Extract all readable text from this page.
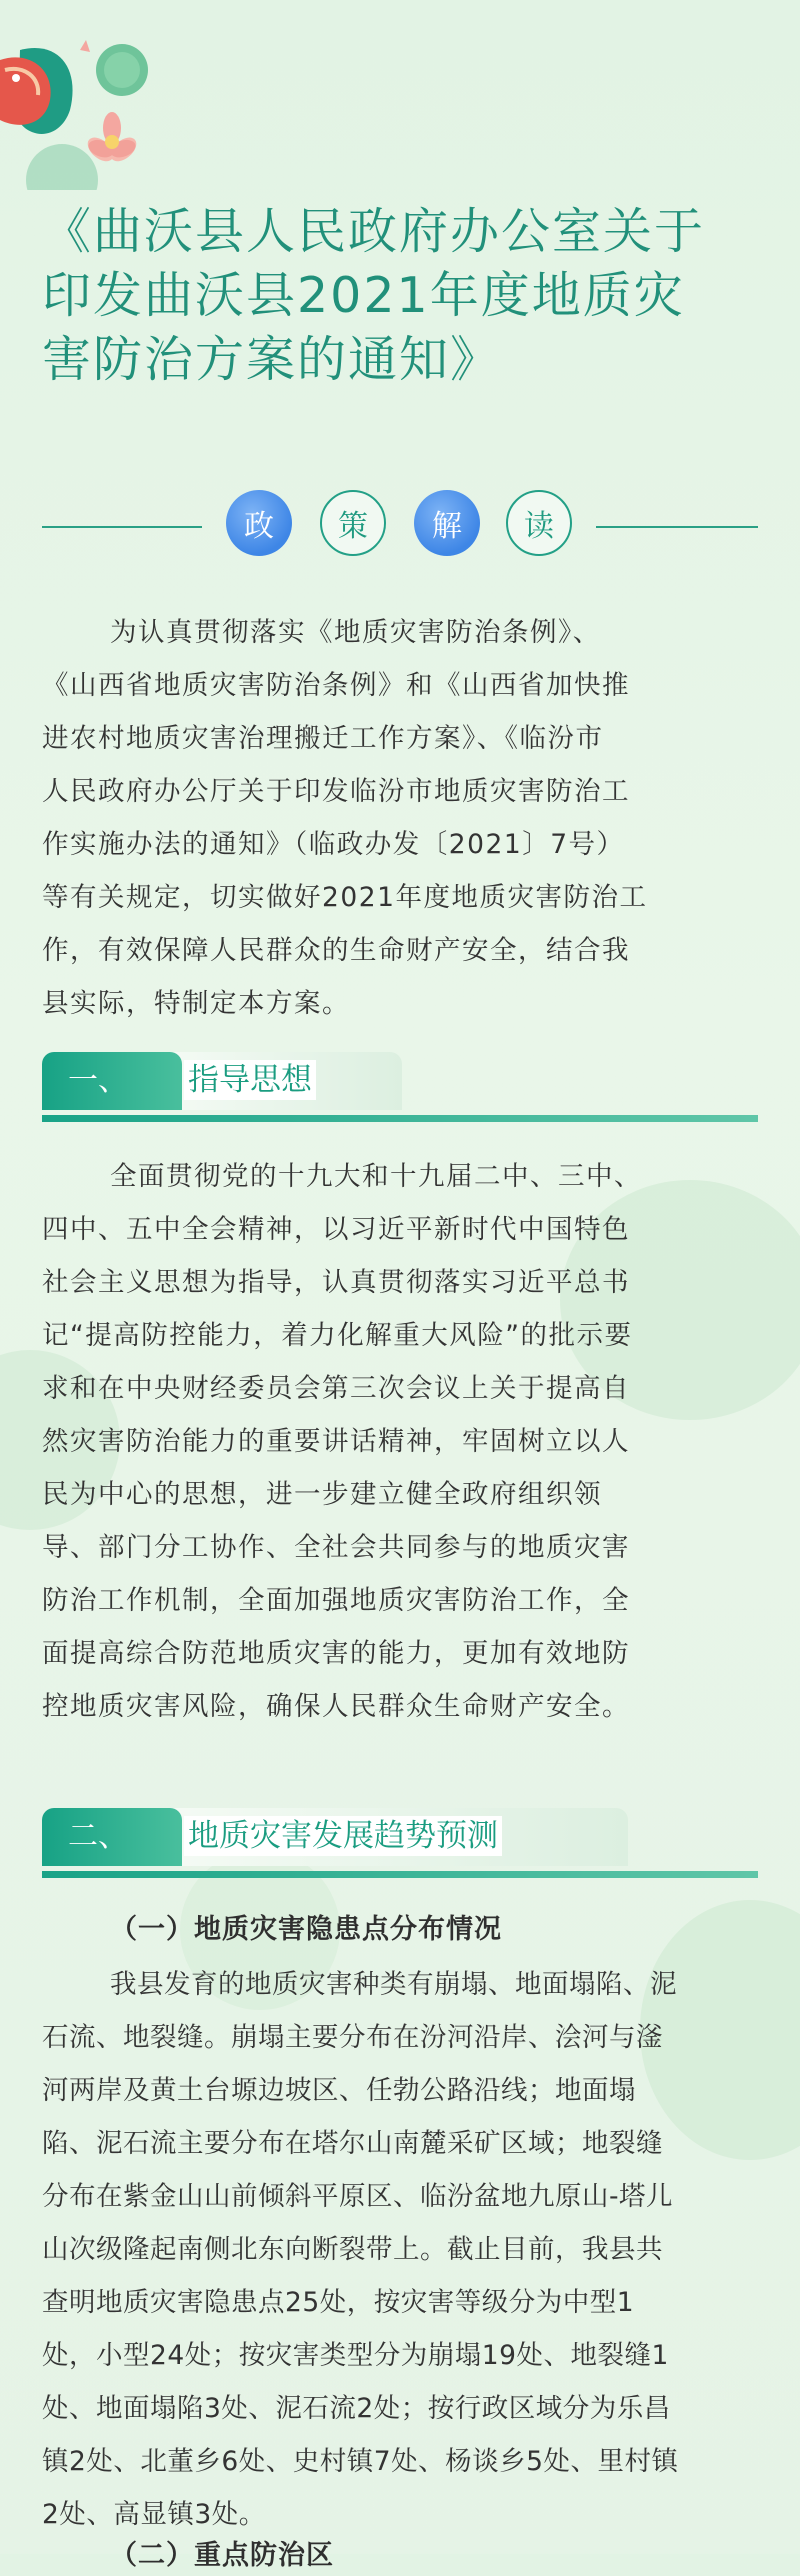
《曲沃县人民政府办公室关于
印发曲沃县2021年度地质灾
害防治方案的通知》
政	策	解	读
为认真贯彻落实《地质灾害防治条例》、
《山西省地质灾害防治条例》和《山西省加快推
进农村地质灾害治理搬迁工作方案》、《临汾市
人民政府办公厅关于印发临汾市地质灾害防治工
作实施办法的通知》（临政办发〔2021〕7号）
等有关规定，切实做好2021年度地质灾害防治工
作，有效保障人民群众的生命财产安全，结合我
县实际，特制定本方案。
指导思想
一、
全面贯彻党的十九大和十九届二中、三中、
四中、五中全会精神，以习近平新时代中国特色
社会主义思想为指导，认真贯彻落实习近平总书
记“提高防控能力，着力化解重大风险”的批示要
求和在中央财经委员会第三次会议上关于提高自
然灾害防治能力的重要讲话精神，牢固树立以人
民为中心的思想，进一步建立健全政府组织领
导、部门分工协作、全社会共同参与的地质灾害
防治工作机制，全面加强地质灾害防治工作，全
面提高综合防范地质灾害的能力，更加有效地防
控地质灾害风险，确保人民群众生命财产安全。
地质灾害发展趋势预测
二、
（一）地质灾害隐患点分布情况
我县发育的地质灾害种类有崩塌、地面塌陷、泥
石流、地裂缝。崩塌主要分布在汾河沿岸、浍河与滏
河两岸及黄土台塬边坡区、任勃公路沿线；地面塌
陷、泥石流主要分布在塔尔山南麓采矿区域；地裂缝
分布在紫金山山前倾斜平原区、临汾盆地九原山-塔儿
山次级隆起南侧北东向断裂带上。截止目前，我县共
查明地质灾害隐患点25处，按灾害等级分为中型1
处，小型24处；按灾害类型分为崩塌19处、地裂缝1
处、地面塌陷3处、泥石流2处；按行政区域分为乐昌
镇2处、北董乡6处、史村镇7处、杨谈乡5处、里村镇
2处、高显镇3处。
（二）重点防治区
